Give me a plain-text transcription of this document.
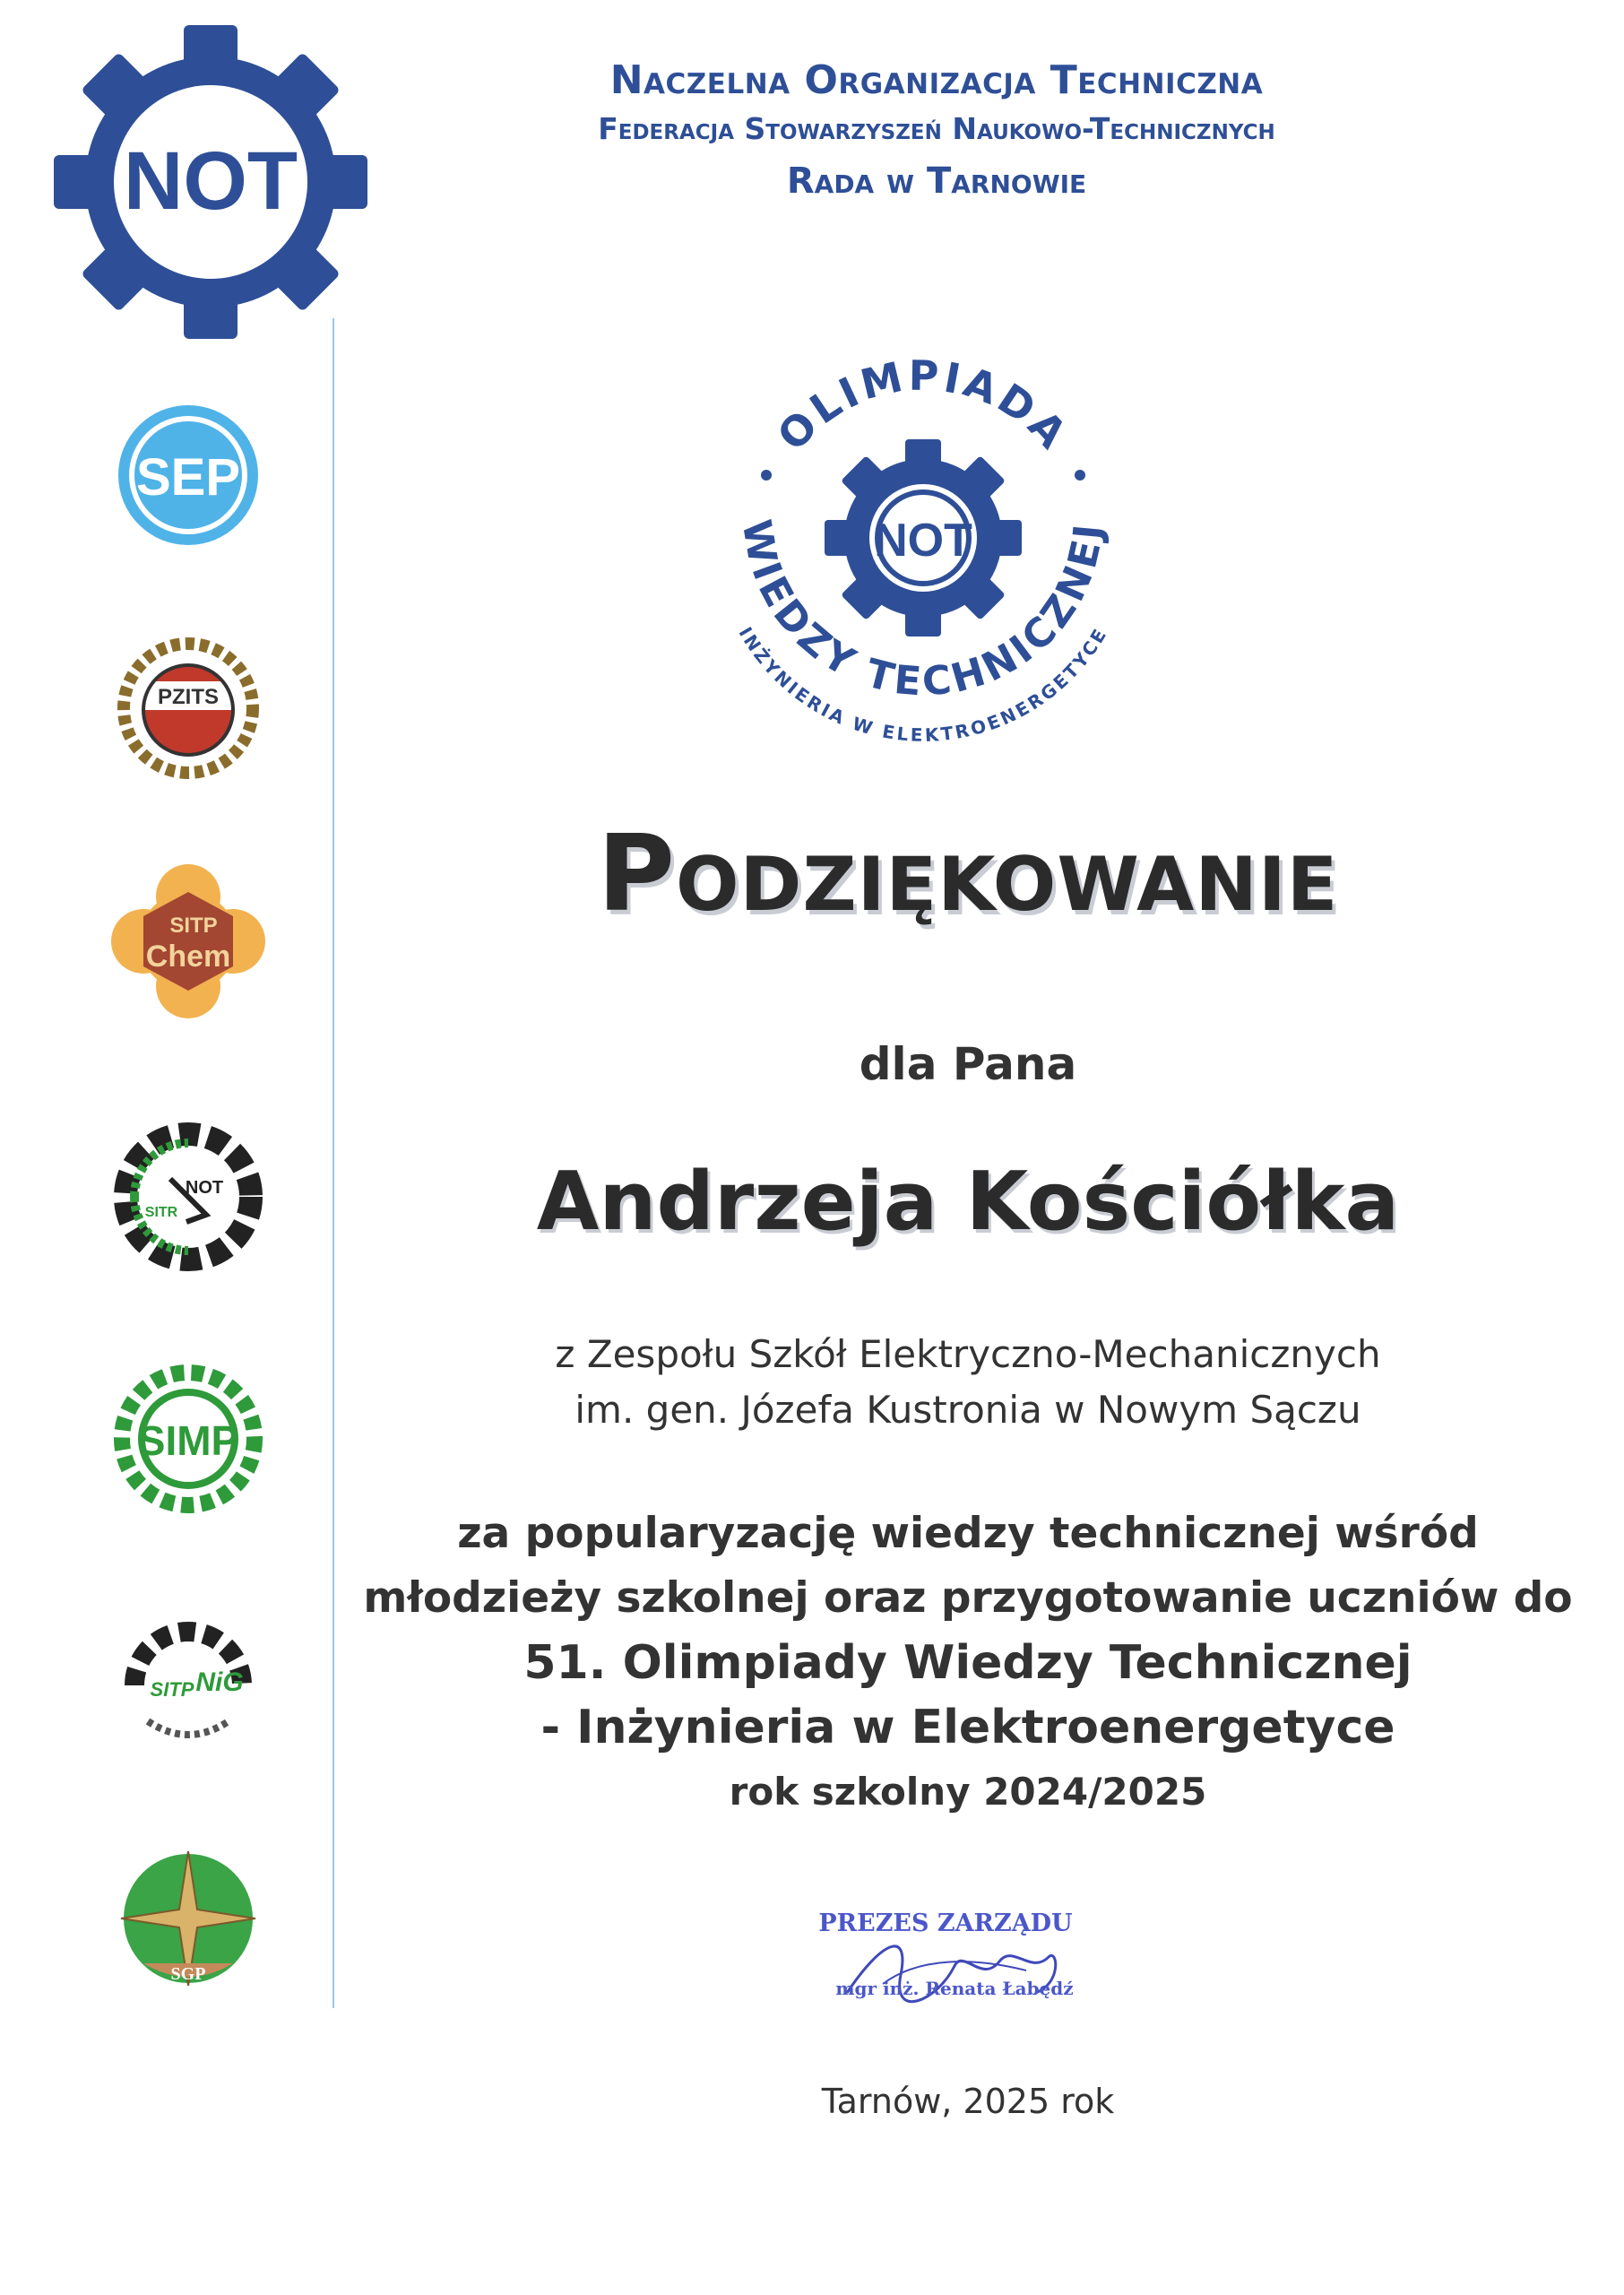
NOT
Naczelna Organizacja Techniczna
Federacja Stowarzyszeń Naukowo-Technicznych
Rada w Tarnowie
SEP
PZITS
SITP
Chem
NOT
SITR
SIMP
SITP NiG
SGP
OLIMPIADA
WIEDZY TECHNICZNEJ
INŻYNIERIA W ELEKTROENERGETYCE
NOT
Podziękowanie
dla Pana
Andrzeja Kościółka
z Zespołu Szkół Elektryczno-Mechanicznych
im. gen. Józefa Kustronia w Nowym Sączu
za popularyzację wiedzy technicznej wśród
młodzieży szkolnej oraz przygotowanie uczniów do
51. Olimpiady Wiedzy Technicznej
- Inżynieria w Elektroenergetyce
rok szkolny 2024/2025
PREZES ZARZĄDU
mgr inż. Renata Łabędź
Tarnów, 2025 rok
